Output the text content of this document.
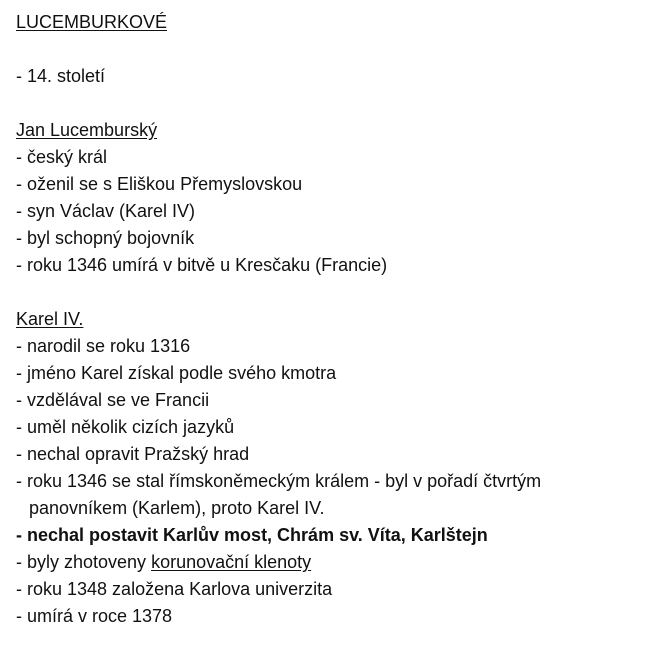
LUCEMBURKOVÉ
- 14. století
Jan Lucemburský
- český král
- oženil se s Eliškou Přemyslovskou
- syn Václav (Karel IV)
- byl schopný bojovník
- roku 1346 umírá v bitvě u Kresčaku (Francie)
Karel IV.
- narodil se roku 1316
- jméno Karel získal podle svého kmotra
- vzdělával se ve Francii
- uměl několik cizích jazyků
- nechal opravit Pražský hrad
- roku 1346 se stal římskoněmeckým králem - byl v pořadí čtvrtým
panovníkem (Karlem), proto Karel IV.
- nechal postavit Karlův most, Chrám sv. Víta, Karlštejn
- byly zhotoveny korunovační klenoty
- roku 1348 založena Karlova univerzita
- umírá v roce 1378
